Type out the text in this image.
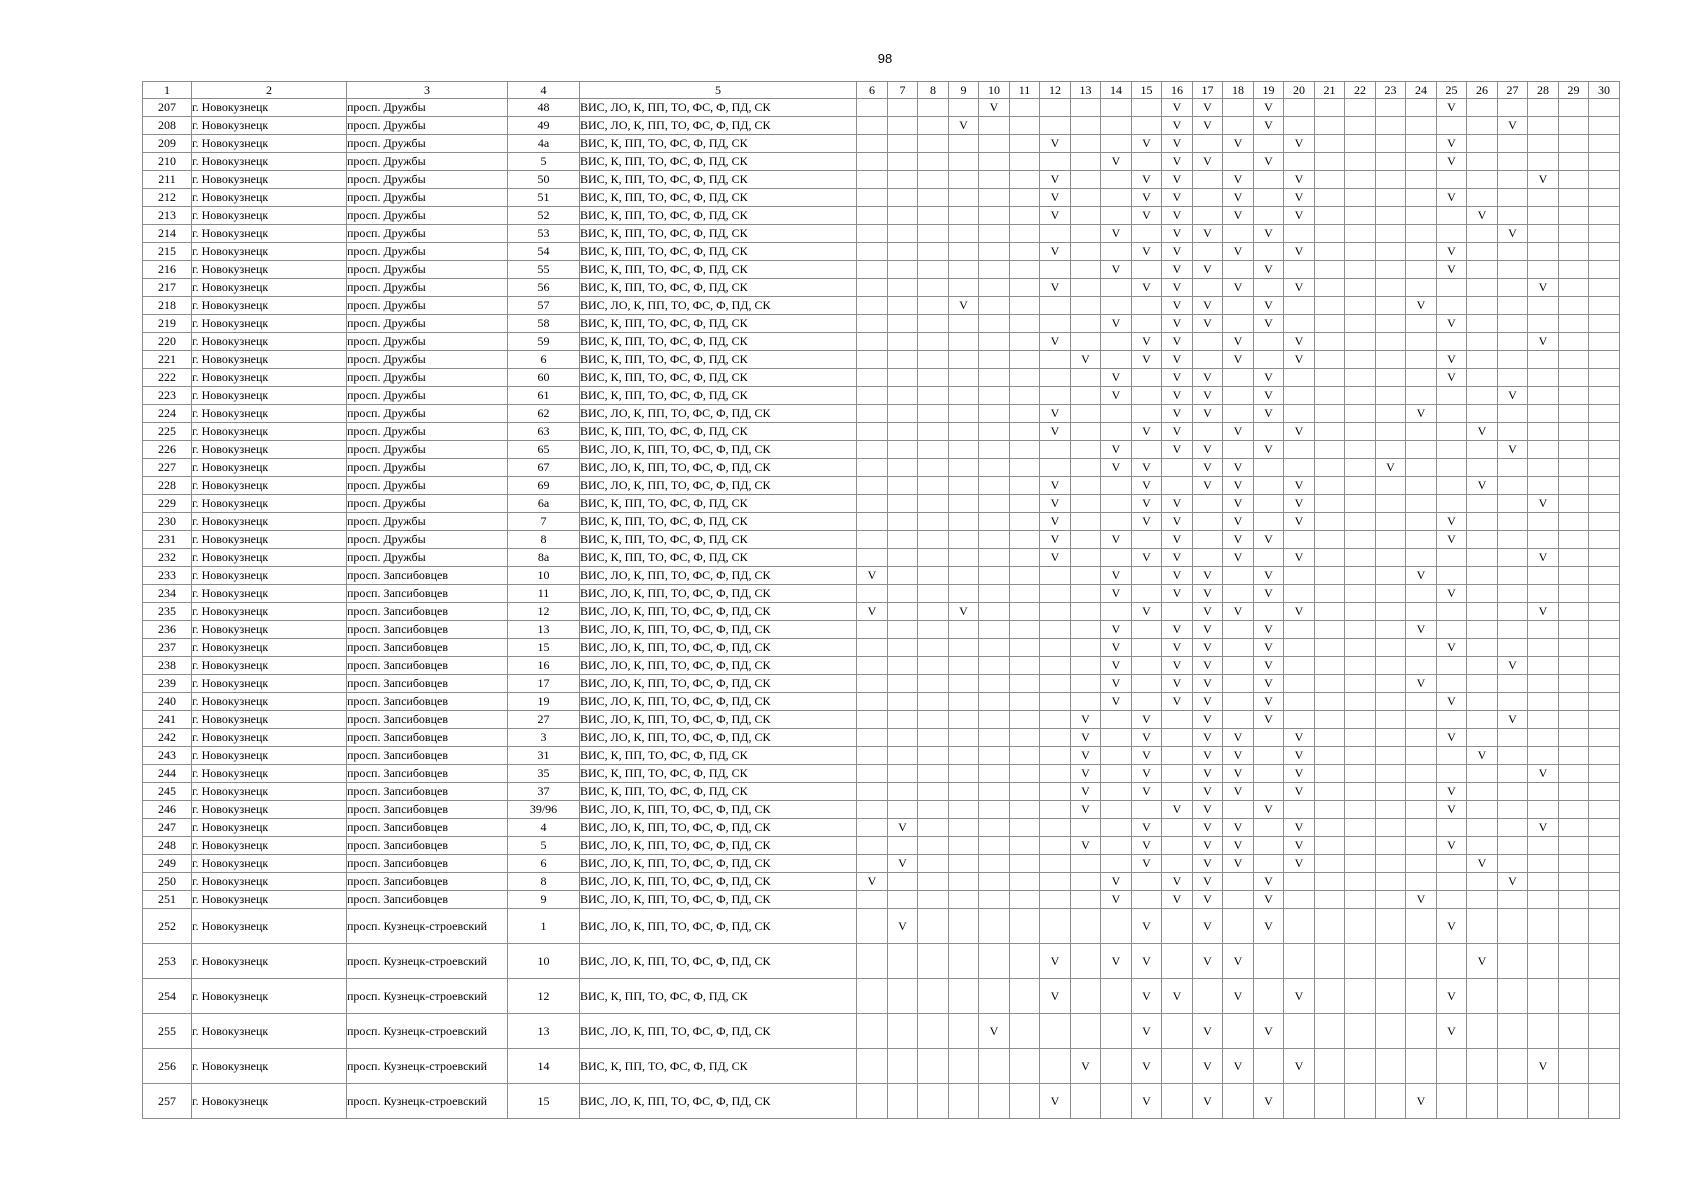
98
1	2	3	4	5	6	7	8	9	10	11	12	13	14	15	16	17	18	19	20	21	22	23	24	25	26	27	28	29	30
207	г. Новокузнецк	просп. Дружбы	48	ВИС, ЛО, К, ПП, ТО, ФС, Ф, ПД, СК					V						V	V		V						V					
208	г. Новокузнецк	просп. Дружбы	49	ВИС, ЛО, К, ПП, ТО, ФС, Ф, ПД, СК				V							V	V		V								V			
209	г. Новокузнецк	просп. Дружбы	4а	ВИС, К, ПП, ТО, ФС, Ф, ПД, СК							V			V	V		V		V					V					
210	г. Новокузнецк	просп. Дружбы	5	ВИС, К, ПП, ТО, ФС, Ф, ПД, СК									V		V	V		V						V					
211	г. Новокузнецк	просп. Дружбы	50	ВИС, К, ПП, ТО, ФС, Ф, ПД, СК							V			V	V		V		V								V		
212	г. Новокузнецк	просп. Дружбы	51	ВИС, К, ПП, ТО, ФС, Ф, ПД, СК							V			V	V		V		V					V					
213	г. Новокузнецк	просп. Дружбы	52	ВИС, К, ПП, ТО, ФС, Ф, ПД, СК							V			V	V		V		V						V				
214	г. Новокузнецк	просп. Дружбы	53	ВИС, К, ПП, ТО, ФС, Ф, ПД, СК									V		V	V		V								V			
215	г. Новокузнецк	просп. Дружбы	54	ВИС, К, ПП, ТО, ФС, Ф, ПД, СК							V			V	V		V		V					V					
216	г. Новокузнецк	просп. Дружбы	55	ВИС, К, ПП, ТО, ФС, Ф, ПД, СК									V		V	V		V						V					
217	г. Новокузнецк	просп. Дружбы	56	ВИС, К, ПП, ТО, ФС, Ф, ПД, СК							V			V	V		V		V								V		
218	г. Новокузнецк	просп. Дружбы	57	ВИС, ЛО, К, ПП, ТО, ФС, Ф, ПД, СК				V							V	V		V					V						
219	г. Новокузнецк	просп. Дружбы	58	ВИС, К, ПП, ТО, ФС, Ф, ПД, СК									V		V	V		V						V					
220	г. Новокузнецк	просп. Дружбы	59	ВИС, К, ПП, ТО, ФС, Ф, ПД, СК							V			V	V		V		V								V		
221	г. Новокузнецк	просп. Дружбы	6	ВИС, К, ПП, ТО, ФС, Ф, ПД, СК								V		V	V		V		V					V					
222	г. Новокузнецк	просп. Дружбы	60	ВИС, К, ПП, ТО, ФС, Ф, ПД, СК									V		V	V		V						V					
223	г. Новокузнецк	просп. Дружбы	61	ВИС, К, ПП, ТО, ФС, Ф, ПД, СК									V		V	V		V								V			
224	г. Новокузнецк	просп. Дружбы	62	ВИС, ЛО, К, ПП, ТО, ФС, Ф, ПД, СК							V				V	V		V					V						
225	г. Новокузнецк	просп. Дружбы	63	ВИС, К, ПП, ТО, ФС, Ф, ПД, СК							V			V	V		V		V						V				
226	г. Новокузнецк	просп. Дружбы	65	ВИС, ЛО, К, ПП, ТО, ФС, Ф, ПД, СК									V		V	V		V								V			
227	г. Новокузнецк	просп. Дружбы	67	ВИС, ЛО, К, ПП, ТО, ФС, Ф, ПД, СК									V	V		V	V					V							
228	г. Новокузнецк	просп. Дружбы	69	ВИС, ЛО, К, ПП, ТО, ФС, Ф, ПД, СК							V			V		V	V		V						V				
229	г. Новокузнецк	просп. Дружбы	6а	ВИС, К, ПП, ТО, ФС, Ф, ПД, СК							V			V	V		V		V								V		
230	г. Новокузнецк	просп. Дружбы	7	ВИС, К, ПП, ТО, ФС, Ф, ПД, СК							V			V	V		V		V					V					
231	г. Новокузнецк	просп. Дружбы	8	ВИС, К, ПП, ТО, ФС, Ф, ПД, СК							V		V		V		V	V						V					
232	г. Новокузнецк	просп. Дружбы	8а	ВИС, К, ПП, ТО, ФС, Ф, ПД, СК							V			V	V		V		V								V		
233	г. Новокузнецк	просп. Запсибовцев	10	ВИС, ЛО, К, ПП, ТО, ФС, Ф, ПД, СК	V								V		V	V		V					V						
234	г. Новокузнецк	просп. Запсибовцев	11	ВИС, ЛО, К, ПП, ТО, ФС, Ф, ПД, СК									V		V	V		V						V					
235	г. Новокузнецк	просп. Запсибовцев	12	ВИС, ЛО, К, ПП, ТО, ФС, Ф, ПД, СК	V			V						V		V	V		V								V		
236	г. Новокузнецк	просп. Запсибовцев	13	ВИС, ЛО, К, ПП, ТО, ФС, Ф, ПД, СК									V		V	V		V					V						
237	г. Новокузнецк	просп. Запсибовцев	15	ВИС, ЛО, К, ПП, ТО, ФС, Ф, ПД, СК									V		V	V		V						V					
238	г. Новокузнецк	просп. Запсибовцев	16	ВИС, ЛО, К, ПП, ТО, ФС, Ф, ПД, СК									V		V	V		V								V			
239	г. Новокузнецк	просп. Запсибовцев	17	ВИС, ЛО, К, ПП, ТО, ФС, Ф, ПД, СК									V		V	V		V					V						
240	г. Новокузнецк	просп. Запсибовцев	19	ВИС, ЛО, К, ПП, ТО, ФС, Ф, ПД, СК									V		V	V		V						V					
241	г. Новокузнецк	просп. Запсибовцев	27	ВИС, ЛО, К, ПП, ТО, ФС, Ф, ПД, СК								V		V		V		V								V			
242	г. Новокузнецк	просп. Запсибовцев	3	ВИС, ЛО, К, ПП, ТО, ФС, Ф, ПД, СК								V		V		V	V		V					V					
243	г. Новокузнецк	просп. Запсибовцев	31	ВИС, К, ПП, ТО, ФС, Ф, ПД, СК								V		V		V	V		V						V				
244	г. Новокузнецк	просп. Запсибовцев	35	ВИС, К, ПП, ТО, ФС, Ф, ПД, СК								V		V		V	V		V								V		
245	г. Новокузнецк	просп. Запсибовцев	37	ВИС, К, ПП, ТО, ФС, Ф, ПД, СК								V		V		V	V		V					V					
246	г. Новокузнецк	просп. Запсибовцев	39/96	ВИС, ЛО, К, ПП, ТО, ФС, Ф, ПД, СК								V			V	V		V						V					
247	г. Новокузнецк	просп. Запсибовцев	4	ВИС, ЛО, К, ПП, ТО, ФС, Ф, ПД, СК		V								V		V	V		V								V		
248	г. Новокузнецк	просп. Запсибовцев	5	ВИС, ЛО, К, ПП, ТО, ФС, Ф, ПД, СК								V		V		V	V		V					V					
249	г. Новокузнецк	просп. Запсибовцев	6	ВИС, ЛО, К, ПП, ТО, ФС, Ф, ПД, СК		V								V		V	V		V						V				
250	г. Новокузнецк	просп. Запсибовцев	8	ВИС, ЛО, К, ПП, ТО, ФС, Ф, ПД, СК	V								V		V	V		V								V			
251	г. Новокузнецк	просп. Запсибовцев	9	ВИС, ЛО, К, ПП, ТО, ФС, Ф, ПД, СК									V		V	V		V					V						
252	г. Новокузнецк	просп. Кузнецк-строевский	1	ВИС, ЛО, К, ПП, ТО, ФС, Ф, ПД, СК		V								V		V		V						V					
253	г. Новокузнецк	просп. Кузнецк-строевский	10	ВИС, ЛО, К, ПП, ТО, ФС, Ф, ПД, СК							V		V	V		V	V								V				
254	г. Новокузнецк	просп. Кузнецк-строевский	12	ВИС, К, ПП, ТО, ФС, Ф, ПД, СК							V			V	V		V		V					V					
255	г. Новокузнецк	просп. Кузнецк-строевский	13	ВИС, ЛО, К, ПП, ТО, ФС, Ф, ПД, СК					V					V		V		V						V					
256	г. Новокузнецк	просп. Кузнецк-строевский	14	ВИС, К, ПП, ТО, ФС, Ф, ПД, СК								V		V		V	V		V								V		
257	г. Новокузнецк	просп. Кузнецк-строевский	15	ВИС, ЛО, К, ПП, ТО, ФС, Ф, ПД, СК							V			V		V		V					V						
